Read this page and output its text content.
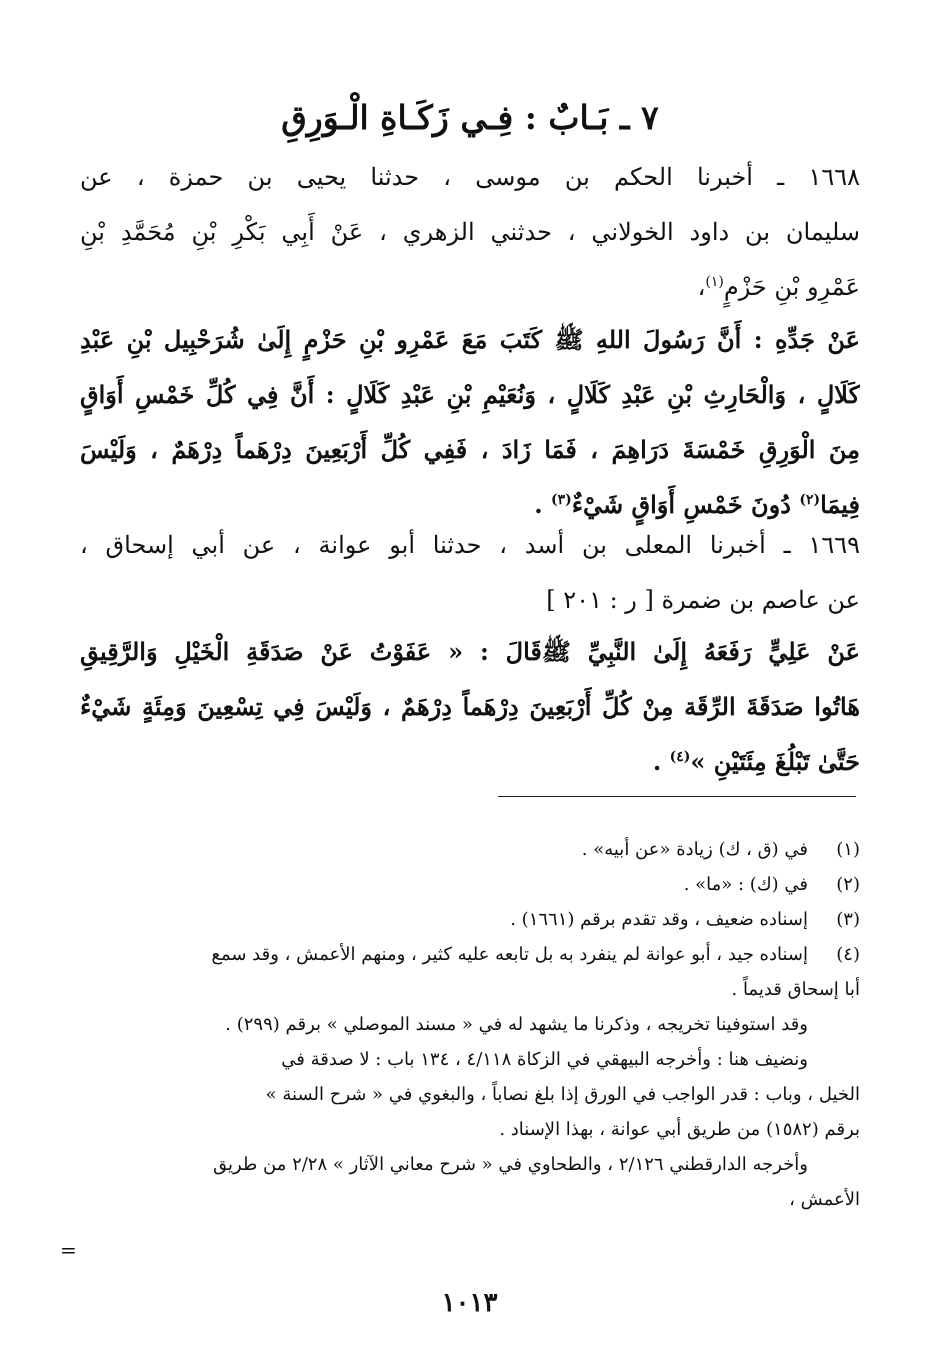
٧ ـ بَـابٌ : فِـي زَكَـاةِ الْـوَرِقِ
١٦٦٨ ـ أخبرنا الحكم بن موسى ، حدثنا يحيى بن حمزة ، عن
سليمان بن داود الخولاني ، حدثني الزهري ، عَنْ أَبِي بَكْرِ بْنِ مُحَمَّدِ بْنِ
عَمْرِو بْنِ حَزْمٍ$^{(١)}$،
عَنْ جَدِّهِ : أَنَّ رَسُولَ اللهِ ﷺ كَتَبَ مَعَ عَمْرِو بْنِ حَزْمٍ إِلَىٰ شُرَحْبِيل بْنِ عَبْدِ
كَلَالٍ ، وَالْحَارِثِ بْنِ عَبْدِ كَلَالٍ ، وَنُعَيْمِ بْنِ عَبْدِ كَلَالٍ : أَنَّ فِي كُلِّ خَمْسِ أَوَاقٍ
مِنَ الْوَرِقِ خَمْسَةَ دَرَاهِمَ ، فَمَا زَادَ ، فَفِي كُلِّ أَرْبَعِينَ دِرْهَماً دِرْهَمٌ ، وَلَيْسَ
فِيمَا$^{(٢)}$ دُونَ خَمْسِ أَوَاقٍ شَيْءٌ$^{(٣)}$ .
١٦٦٩ ـ أخبرنا المعلى بن أسد ، حدثنا أبو عوانة ، عن أبي إسحاق ،
عن عاصم بن ضمرة [ ر : ٢٠١ ]
عَنْ عَلِيٍّ رَفَعَهُ إِلَىٰ النَّبِيِّ ﷺقَالَ : « عَفَوْتُ عَنْ صَدَقَةِ الْخَيْلِ وَالرَّقِيقِ
هَاتُوا صَدَقَةَ الرِّقَة مِنْ كُلِّ أَرْبَعِينَ دِرْهَماً دِرْهَمٌ ، وَلَيْسَ فِي تِسْعِينَ وَمِئَةٍ شَيْءٌ
حَتَّىٰ تَبْلُغَ مِئَتَيْنِ »$^{(٤)}$ .
(١)
في (ق ، ك) زيادة «عن أبيه» .
(٢)
في (ك) : «ما» .
(٣)
إسناده ضعيف ، وقد تقدم برقم (١٦٦١) .
(٤)
إسناده جيد ، أبو عوانة لم ينفرد به بل تابعه عليه كثير ، ومنهم الأعمش ، وقد سمع
أبا إسحاق قديماً .
وقد استوفينا تخريجه ، وذكرنا ما يشهد له في « مسند الموصلي » برقم (٢٩٩) .
ونضيف هنا : وأخرجه البيهقي في الزكاة ٤/١١٨ ، ١٣٤ باب : لا صدقة في
الخيل ، وباب : قدر الواجب في الورق إذا بلغ نصاباً ، والبغوي في « شرح السنة »
برقم (١٥٨٢) من طريق أبي عوانة ، بهذا الإسناد .
وأخرجه الدارقطني ٢/١٢٦ ، والطحاوي في « شرح معاني الآثار » ٢/٢٨ من طريق
الأعمش ،
=
١٠١٣
